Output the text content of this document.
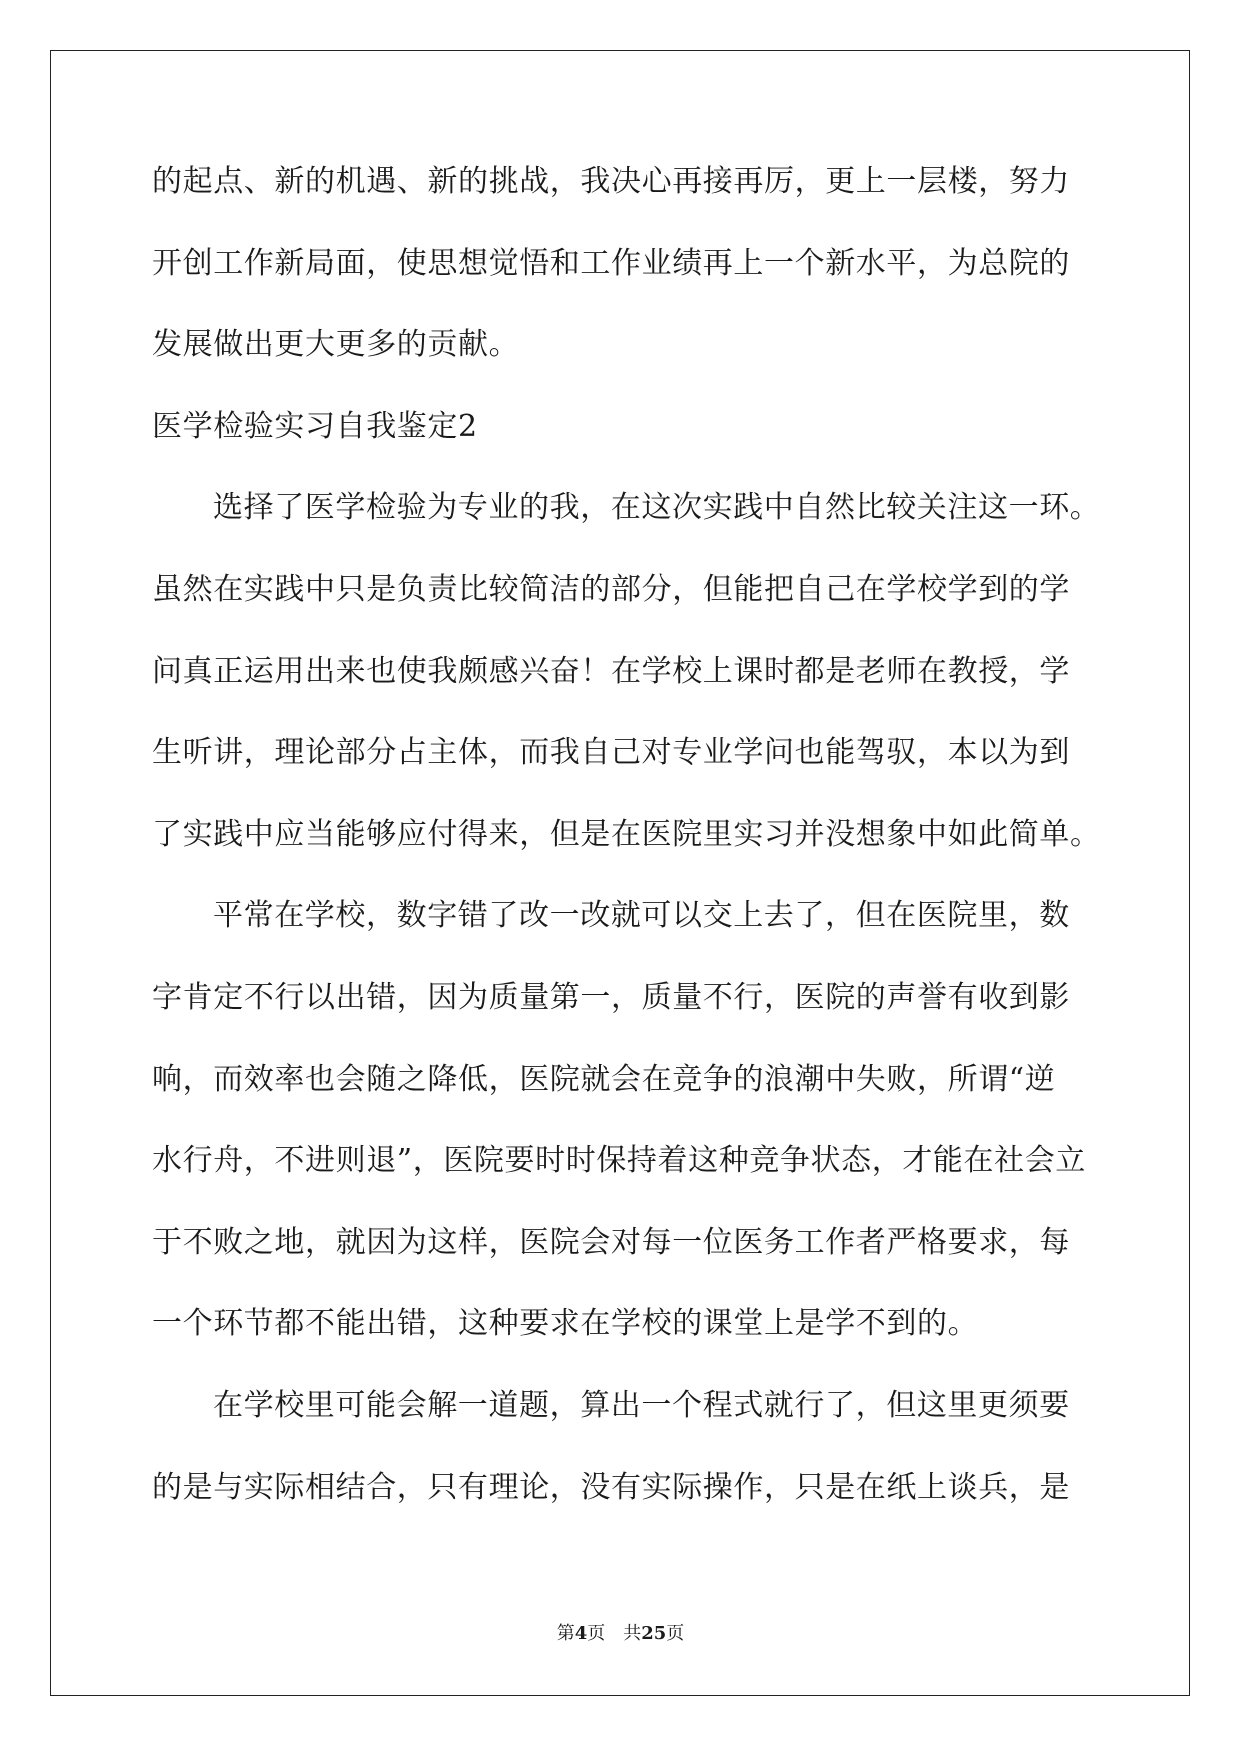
的起点、新的机遇、新的挑战，我决心再接再厉，更上一层楼，努力
开创工作新局面，使思想觉悟和工作业绩再上一个新水平，为总院的
发展做出更大更多的贡献。
医学检验实习自我鉴定2
选择了医学检验为专业的我，在这次实践中自然比较关注这一环。
虽然在实践中只是负责比较简洁的部分，但能把自己在学校学到的学
问真正运用出来也使我颇感兴奋！在学校上课时都是老师在教授，学
生听讲，理论部分占主体，而我自己对专业学问也能驾驭，本以为到
了实践中应当能够应付得来，但是在医院里实习并没想象中如此简单。
平常在学校，数字错了改一改就可以交上去了，但在医院里，数
字肯定不行以出错，因为质量第一，质量不行，医院的声誉有收到影
响，而效率也会随之降低，医院就会在竞争的浪潮中失败，所谓“逆
水行舟，不进则退”，医院要时时保持着这种竞争状态，才能在社会立
于不败之地，就因为这样，医院会对每一位医务工作者严格要求，每
一个环节都不能出错，这种要求在学校的课堂上是学不到的。
在学校里可能会解一道题，算出一个程式就行了，但这里更须要
的是与实际相结合，只有理论，没有实际操作，只是在纸上谈兵，是
第4页　共25页
